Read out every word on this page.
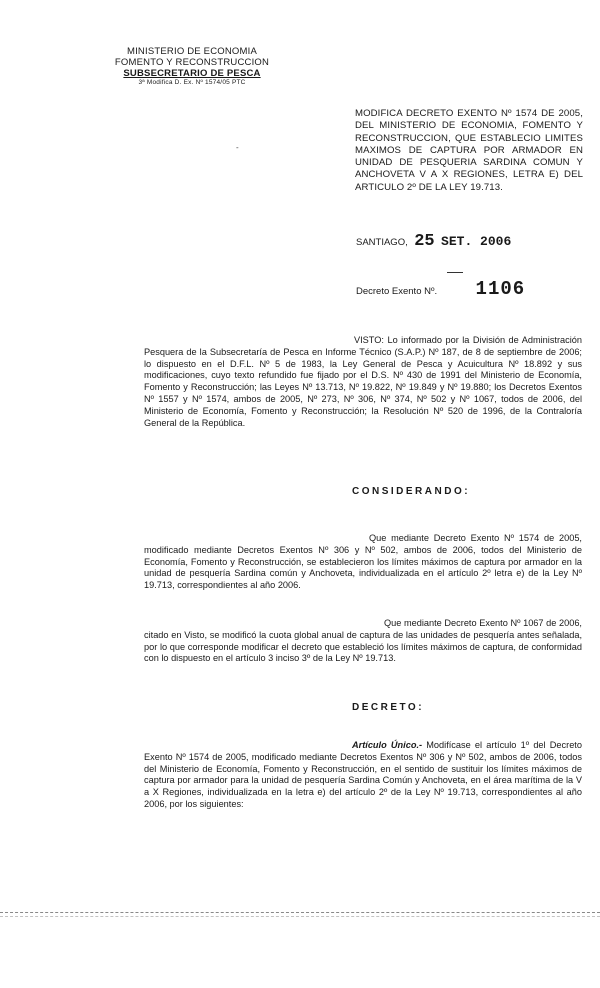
MINISTERIO DE ECONOMIA
FOMENTO Y RECONSTRUCCION
SUBSECRETARIO DE PESCA
3ª Modifica D. Ex. Nº 1574/05 PTC
MODIFICA DECRETO EXENTO Nº 1574 DE 2005, DEL MINISTERIO DE ECONOMIA, FOMENTO Y RECONSTRUCCION, QUE ESTABLECIO LIMITES MAXIMOS DE CAPTURA POR ARMADOR EN UNIDAD DE PESQUERIA SARDINA COMUN Y ANCHOVETA V A X REGIONES, LETRA E) DEL ARTICULO 2º DE LA LEY 19.713.
-
SANTIAGO, 25 SET. 2006
Decreto Exento Nº. 1106
VISTO: Lo informado por la División de Administración Pesquera de la Subsecretaría de Pesca en Informe Técnico (S.A.P.) Nº 187, de 8 de septiembre de 2006; lo dispuesto en el D.F.L. Nº 5 de 1983, la Ley General de Pesca y Acuicultura Nº 18.892 y sus modificaciones, cuyo texto refundido fue fijado por el D.S. Nº 430 de 1991 del Ministerio de Economía, Fomento y Reconstrucción; las Leyes Nº 13.713, Nº 19.822, Nº 19.849 y Nº 19.880; los Decretos Exentos Nº 1557 y Nº 1574, ambos de 2005, Nº 273, Nº 306, Nº 374, Nº 502 y Nº 1067, todos de 2006, del Ministerio de Economía, Fomento y Reconstrucción; la Resolución Nº 520 de 1996, de la Contraloría General de la República.
CONSIDERANDO:
Que mediante Decreto Exento Nº 1574 de 2005, modificado mediante Decretos Exentos Nº 306 y Nº 502, ambos de 2006, todos del Ministerio de Economía, Fomento y Reconstrucción, se establecieron los límites máximos de captura por armador en la unidad de pesquería Sardina común y Anchoveta, individualizada en el artículo 2º letra e) de la Ley Nº 19.713, correspondientes al año 2006.
Que mediante Decreto Exento Nº 1067 de 2006, citado en Visto, se modificó la cuota global anual de captura de las unidades de pesquería antes señalada, por lo que corresponde modificar el decreto que estableció los límites máximos de captura, de conformidad con lo dispuesto en el artículo 3 inciso 3º de la Ley Nº 19.713.
DECRETO:
Artículo Único.- Modifícase el artículo 1º del Decreto Exento Nº 1574 de 2005, modificado mediante Decretos Exentos Nº 306 y Nº 502, ambos de 2006, todos del Ministerio de Economía, Fomento y Reconstrucción, en el sentido de sustituir los límites máximos de captura por armador para la unidad de pesquería Sardina Común y Anchoveta, en el área marítima de la V a X Regiones, individualizada en la letra e) del artículo 2º de la Ley Nº 19.713, correspondientes al año 2006, por los siguientes:
